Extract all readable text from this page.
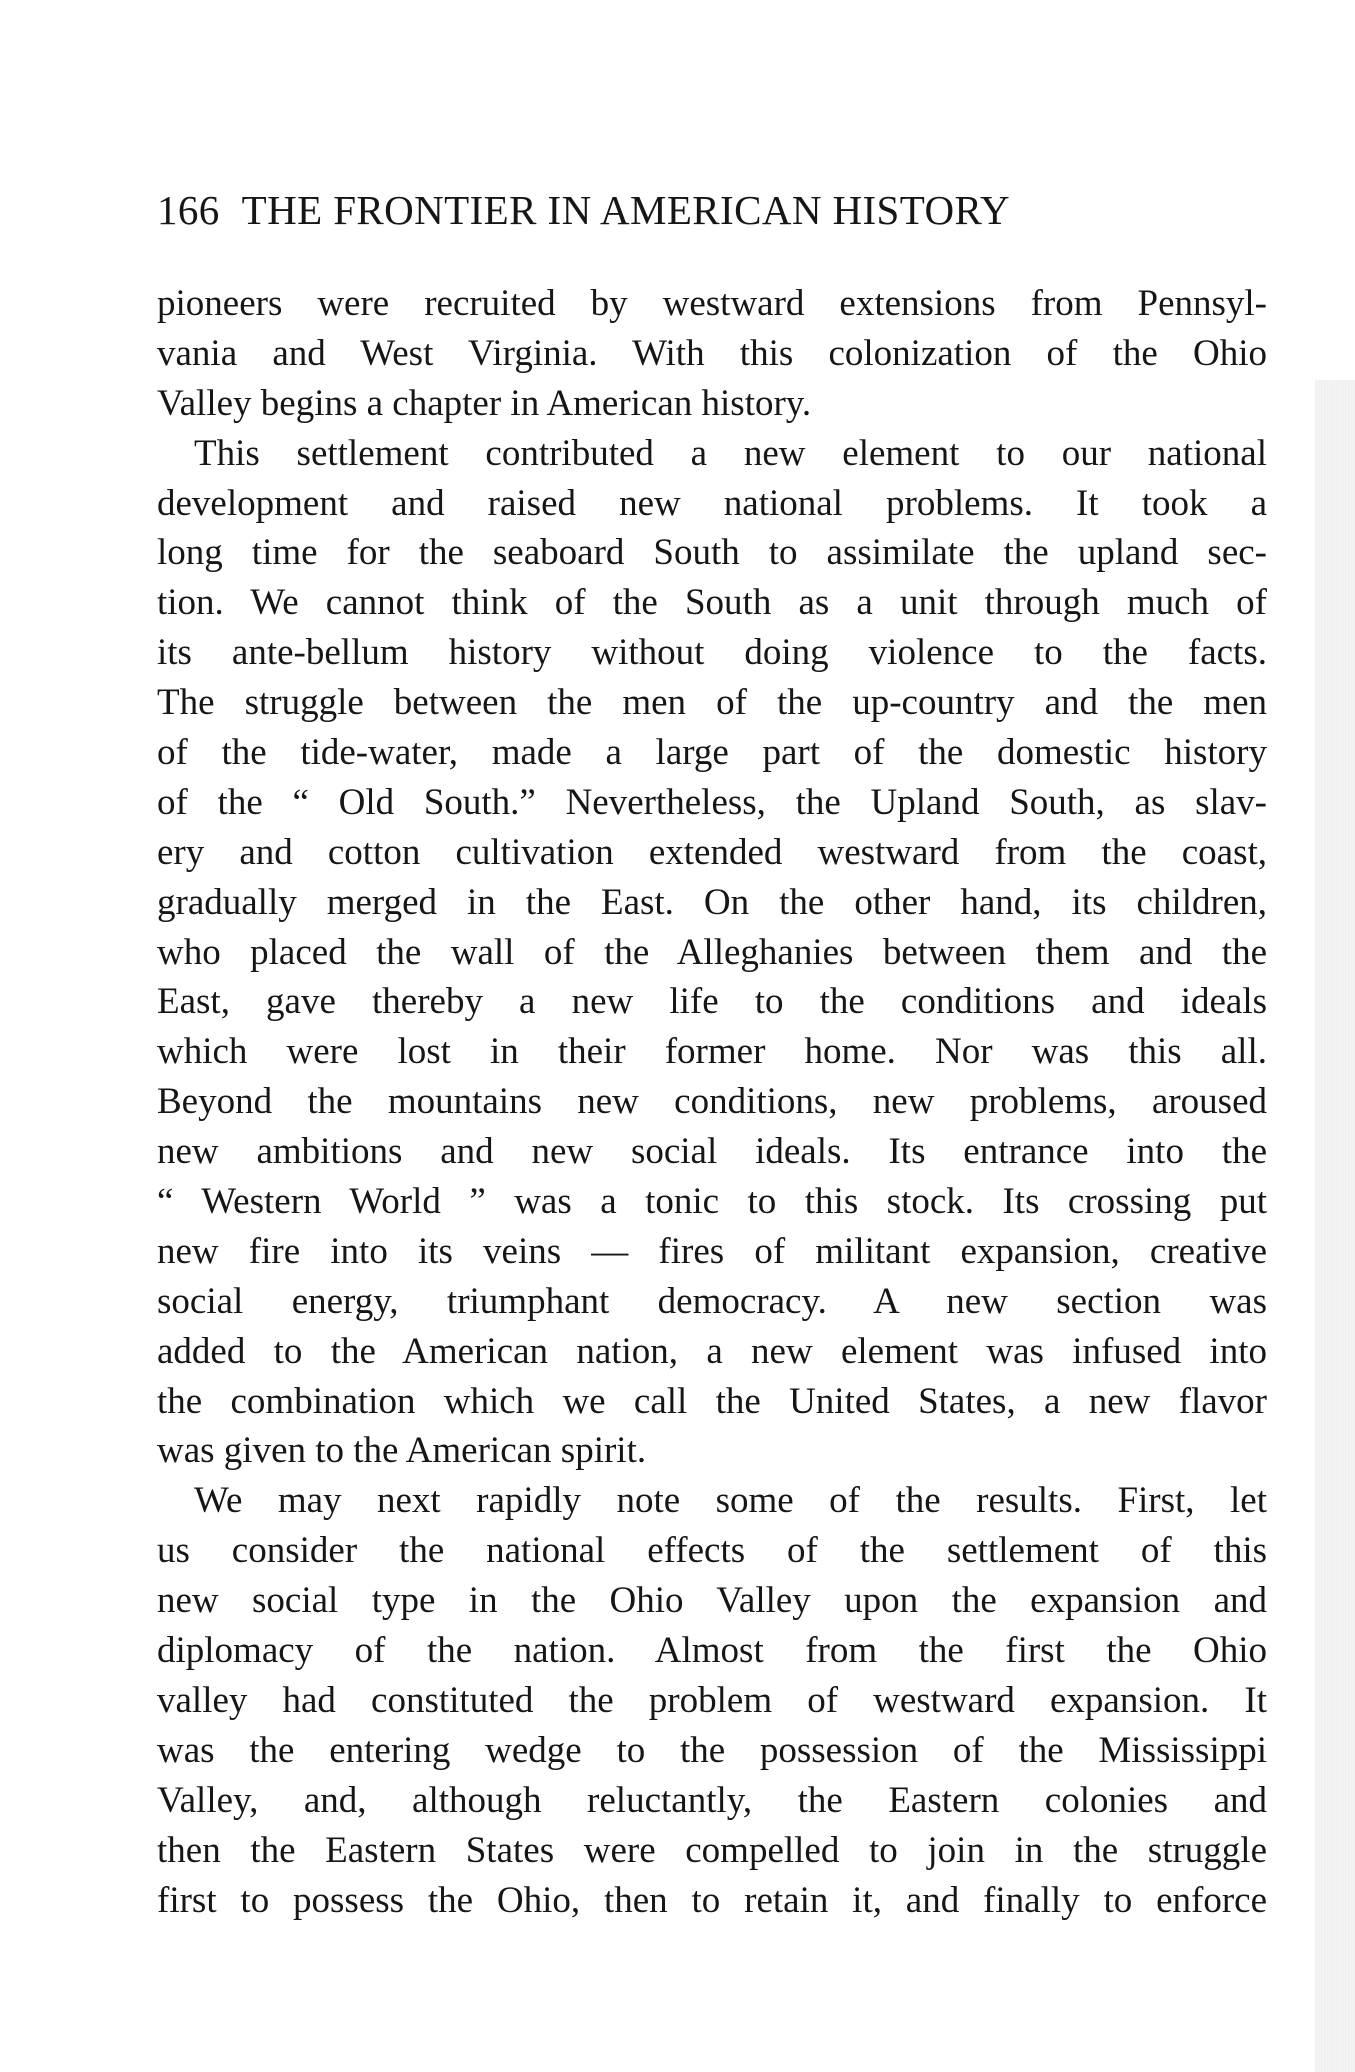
166 THE FRONTIER IN AMERICAN HISTORY
pioneers were recruited by westward extensions from Pennsyl-
vania and West Virginia. With this colonization of the Ohio
Valley begins a chapter in American history.
This settlement contributed a new element to our national
development and raised new national problems. It took a
long time for the seaboard South to assimilate the upland sec-
tion. We cannot think of the South as a unit through much of
its ante-bellum history without doing violence to the facts.
The struggle between the men of the up-country and the men
of the tide-water, made a large part of the domestic history
of the “ Old South.” Nevertheless, the Upland South, as slav-
ery and cotton cultivation extended westward from the coast,
gradually merged in the East. On the other hand, its children,
who placed the wall of the Alleghanies between them and the
East, gave thereby a new life to the conditions and ideals
which were lost in their former home. Nor was this all.
Beyond the mountains new conditions, new problems, aroused
new ambitions and new social ideals. Its entrance into the
“ Western World ” was a tonic to this stock. Its crossing put
new fire into its veins — fires of militant expansion, creative
social energy, triumphant democracy. A new section was
added to the American nation, a new element was infused into
the combination which we call the United States, a new flavor
was given to the American spirit.
We may next rapidly note some of the results. First, let
us consider the national effects of the settlement of this
new social type in the Ohio Valley upon the expansion and
diplomacy of the nation. Almost from the first the Ohio
valley had constituted the problem of westward expansion. It
was the entering wedge to the possession of the Mississippi
Valley, and, although reluctantly, the Eastern colonies and
then the Eastern States were compelled to join in the struggle
first to possess the Ohio, then to retain it, and finally to enforce
